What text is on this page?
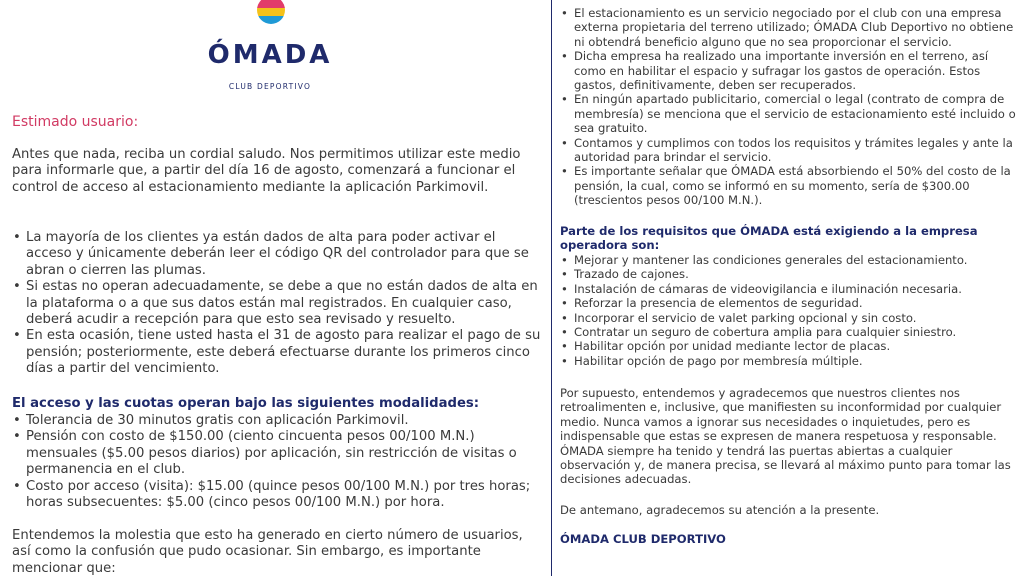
ÓMADA
CLUB DEPORTIVO
Estimado usuario:

Antes que nada, reciba un cordial saludo. Nos permitimos utilizar este medio para informarle que, a partir del día 16 de agosto, comenzará a funcionar el control de acceso al estacionamiento mediante la aplicación Parkimovil.

• La mayoría de los clientes ya están dados de alta para poder activar el acceso y únicamente deberán leer el código QR del controlador para que se abran o cierren las plumas.
• Si estas no operan adecuadamente, se debe a que no están dados de alta en la plataforma o a que sus datos están mal registrados. En cualquier caso, deberá acudir a recepción para que esto sea revisado y resuelto.
• En esta ocasión, tiene usted hasta el 31 de agosto para realizar el pago de su pensión; posteriormente, este deberá efectuarse durante los primeros cinco días a partir del vencimiento.

El acceso y las cuotas operan bajo las siguientes modalidades:

• Tolerancia de 30 minutos gratis con aplicación Parkimovil.
• Pensión con costo de $150.00 (ciento cincuenta pesos 00/100 M.N.) mensuales ($5.00 pesos diarios) por aplicación, sin restricción de visitas o permanencia en el club.
• Costo por acceso (visita): $15.00 (quince pesos 00/100 M.N.) por tres horas; horas subsecuentes: $5.00 (cinco pesos 00/100 M.N.) por hora.

Entendemos la molestia que esto ha generado en cierto número de usuarios, así como la confusión que pudo ocasionar. Sin embargo, es importante mencionar que:

• El estacionamiento es un servicio negociado por el club con una empresa externa propietaria del terreno utilizado; ÓMADA Club Deportivo no obtiene ni obtendrá beneficio alguno que no sea proporcionar el servicio.
• Dicha empresa ha realizado una importante inversión en el terreno, así como en habilitar el espacio y sufragar los gastos de operación. Estos gastos, definitivamente, deben ser recuperados.
• En ningún apartado publicitario, comercial o legal (contrato de compra de membresía) se menciona que el servicio de estacionamiento esté incluido o sea gratuito.
• Contamos y cumplimos con todos los requisitos y trámites legales y ante la autoridad para brindar el servicio.
• Es importante señalar que ÓMADA está absorbiendo el 50% del costo de la pensión, la cual, como se informó en su momento, sería de $300.00 (trescientos pesos 00/100 M.N.).

Parte de los requisitos que ÓMADA está exigiendo a la empresa operadora son:

• Mejorar y mantener las condiciones generales del estacionamiento.
• Trazado de cajones.
• Instalación de cámaras de videovigilancia e iluminación necesaria.
• Reforzar la presencia de elementos de seguridad.
• Incorporar el servicio de valet parking opcional y sin costo.
• Contratar un seguro de cobertura amplia para cualquier siniestro.
• Habilitar opción por unidad mediante lector de placas.
• Habilitar opción de pago por membresía múltiple.

Por supuesto, entendemos y agradecemos que nuestros clientes nos retroalimenten e, inclusive, que manifiesten su inconformidad por cualquier medio. Nunca vamos a ignorar sus necesidades o inquietudes, pero es indispensable que estas se expresen de manera respetuosa y responsable. ÓMADA siempre ha tenido y tendrá las puertas abiertas a cualquier observación y, de manera precisa, se llevará al máximo punto para tomar las decisiones adecuadas.

De antemano, agradecemos su atención a la presente.

ÓMADA CLUB DEPORTIVO
